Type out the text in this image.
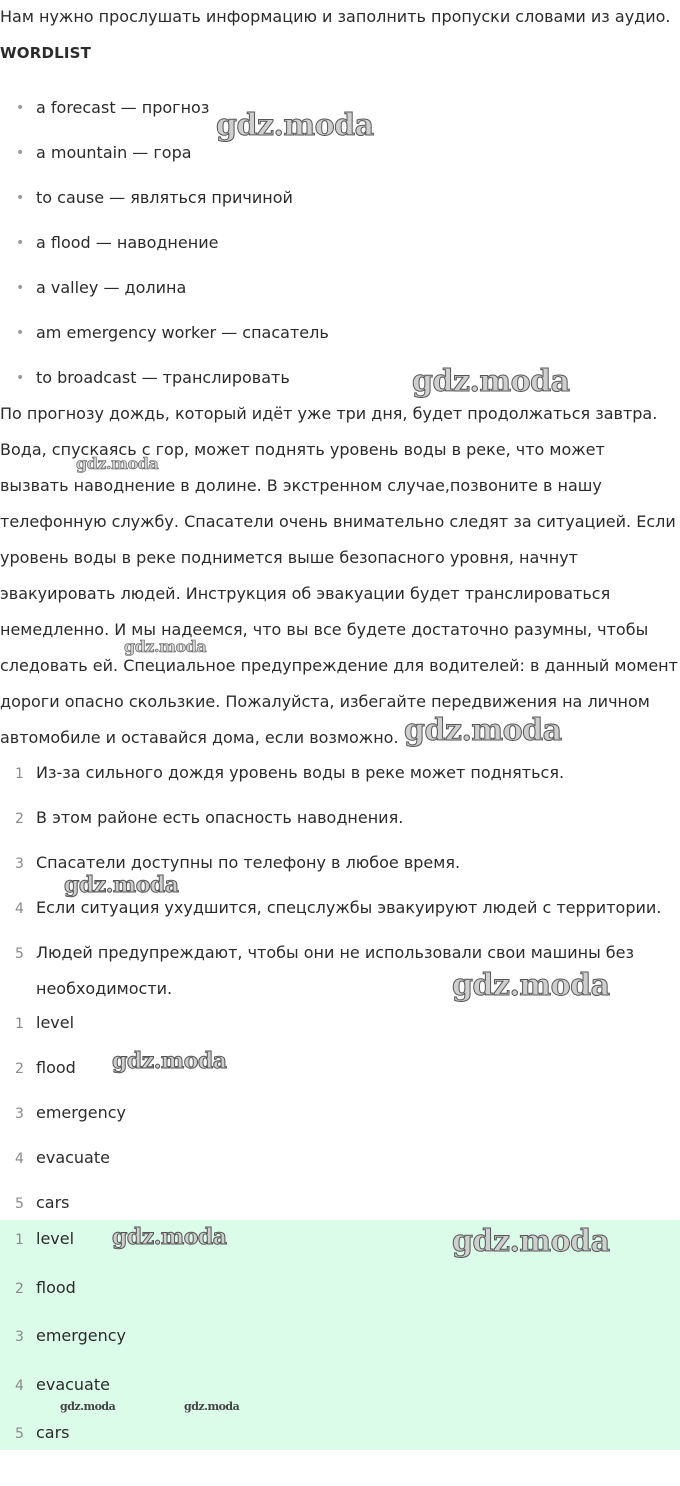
Нам нужно прослушать информацию и заполнить пропуски словами из аудио.
WORDLIST
• a forecast — прогноз
• a mountain — гора
• to cause — являться причиной
• a flood — наводнение
• a valley — долина
• am emergency worker — спасатель
• to broadcast — транслировать

По прогнозу дождь, который идёт уже три дня, будет продолжаться завтра. Вода, спускаясь с гор, может поднять уровень воды в реке, что может вызвать наводнение в долине. В экстренном случае,позвоните в нашу телефонную службу. Спасатели очень внимательно следят за ситуацией. Если уровень воды в реке поднимется выше безопасного уровня, начнут эвакуировать людей. Инструкция об эвакуации будет транслироваться немедленно. И мы надеемся, что вы все будете достаточно разумны, чтобы следовать ей. Специальное предупреждение для водителей: в данный момент дороги опасно скользкие. Пожалуйста, избегайте передвижения на личном автомобиле и оставайся дома, если возможно.

1 Из-за сильного дождя уровень воды в реке может подняться.
2 В этом районе есть опасность наводнения.
3 Спасатели доступны по телефону в любое время.
4 Если ситуация ухудшится, спецслужбы эвакуируют людей с территории.
5 Людей предупреждают, чтобы они не использовали свои машины без необходимости.
1 level
2 flood
3 emergency
4 evacuate
5 cars
1 level
2 flood
3 emergency
4 evacuate
5 cars
gdz.moda
gdz.moda
gdz.moda
gdz.moda
gdz.moda
gdz.moda
gdz.moda
gdz.moda
gdz.moda	gdz.moda
gdz.moda	gdz.moda
